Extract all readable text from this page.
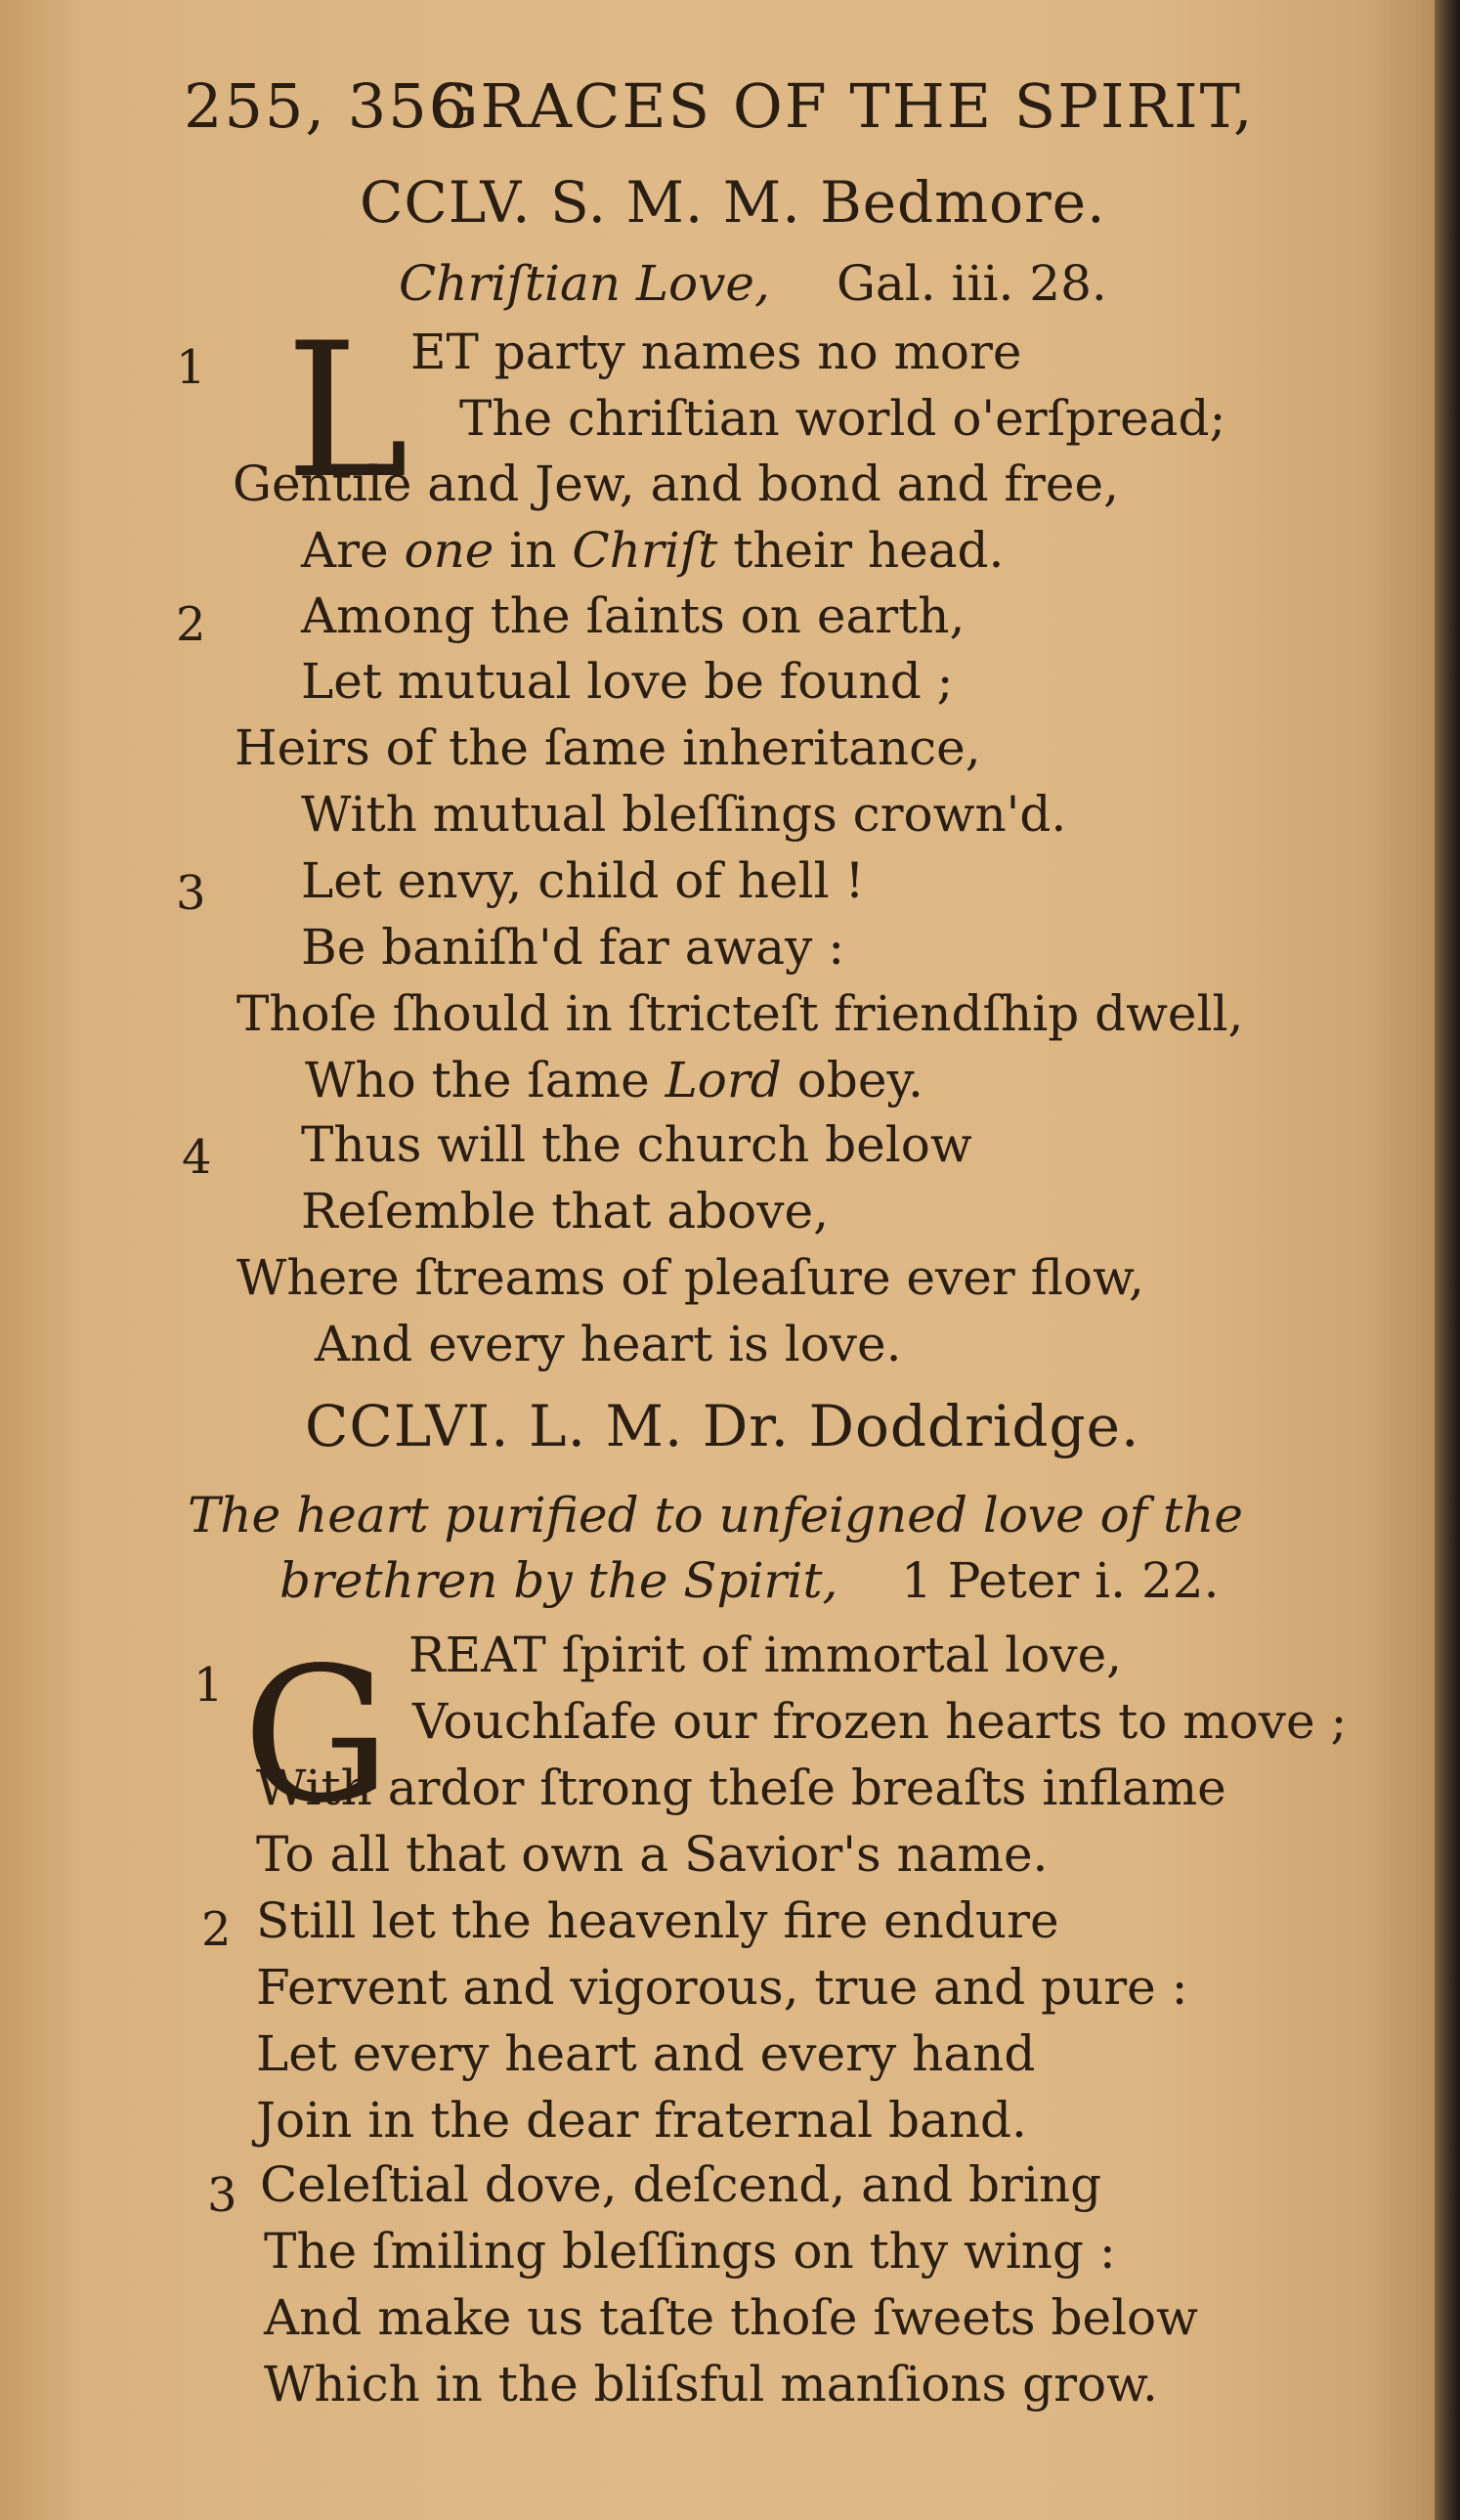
255, 356
GRACES OF THE SPIRIT,
CCLV. S. M. M. Bedmore.
Chriſtian Love, Gal. iii. 28.
1 L ET party names no more
The chriſtian world o'erſpread;
Gentile and Jew, and bond and free,
Are one in Chriſt their head.
2 Among the ſaints on earth,
Let mutual love be found ;
Heirs of the ſame inheritance,
With mutual bleſſings crown'd.
3 Let envy, child of hell !
Be baniſh'd far away :
Thoſe ſhould in ſtricteſt friendſhip dwell,
Who the ſame Lord obey.
4 Thus will the church below
Reſemble that above,
Where ſtreams of pleaſure ever flow,
And every heart is love.
CCLVI. L. M. Dr. Doddridge.
The heart purified to unfeigned love of the
brethren by the Spirit, 1 Peter i. 22.
1 G REAT ſpirit of immortal love,
Vouchſafe our frozen hearts to move ;
With ardor ſtrong theſe breaſts inflame
To all that own a Savior's name.
2 Still let the heavenly fire endure
Fervent and vigorous, true and pure :
Let every heart and every hand
Join in the dear fraternal band.
3 Celeſtial dove, deſcend, and bring
The ſmiling bleſſings on thy wing :
And make us taſte thoſe ſweets below
Which in the bliſsful manſions grow.
